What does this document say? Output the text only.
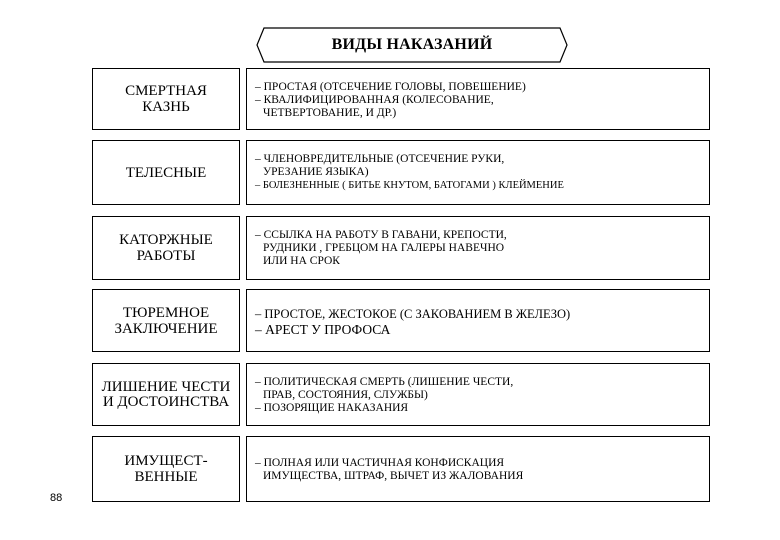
ВИДЫ НАКАЗАНИЙ
СМЕРТНАЯ КАЗНЬ
– ПРОСТАЯ (ОТСЕЧЕНИЕ ГОЛОВЫ, ПОВЕШЕНИЕ)
– КВАЛИФИЦИРОВАННАЯ (КОЛЕСОВАНИЕ,
ЧЕТВЕРТОВАНИЕ, И ДР.)
ТЕЛЕСНЫЕ
– ЧЛЕНОВРЕДИТЕЛЬНЫЕ (ОТСЕЧЕНИЕ РУКИ,
УРЕЗАНИЕ ЯЗЫКА)
– БОЛЕЗНЕННЫЕ ( БИТЬЕ КНУТОМ, БАТОГАМИ ) КЛЕЙМЕНИЕ
КАТОРЖНЫЕ РАБОТЫ
– ССЫЛКА НА РАБОТУ В ГАВАНИ, КРЕПОСТИ,
РУДНИКИ , ГРЕБЦОМ НА ГАЛЕРЫ НАВЕЧНО
ИЛИ НА СРОК
ТЮРЕМНОЕ ЗАКЛЮЧЕНИЕ
– ПРОСТОЕ, ЖЕСТОКОЕ (С ЗАКОВАНИЕМ В ЖЕЛЕЗО)
– АРЕСТ У ПРОФОСА
ЛИШЕНИЕ ЧЕСТИ И ДОСТОИНСТВА
– ПОЛИТИЧЕСКАЯ СМЕРТЬ (ЛИШЕНИЕ ЧЕСТИ,
ПРАВ, СОСТОЯНИЯ, СЛУЖБЫ)
– ПОЗОРЯЩИЕ НАКАЗАНИЯ
ИМУЩЕСТ-ВЕННЫЕ
– ПОЛНАЯ ИЛИ ЧАСТИЧНАЯ КОНФИСКАЦИЯ
ИМУЩЕСТВА, ШТРАФ, ВЫЧЕТ ИЗ ЖАЛОВАНИЯ
88
